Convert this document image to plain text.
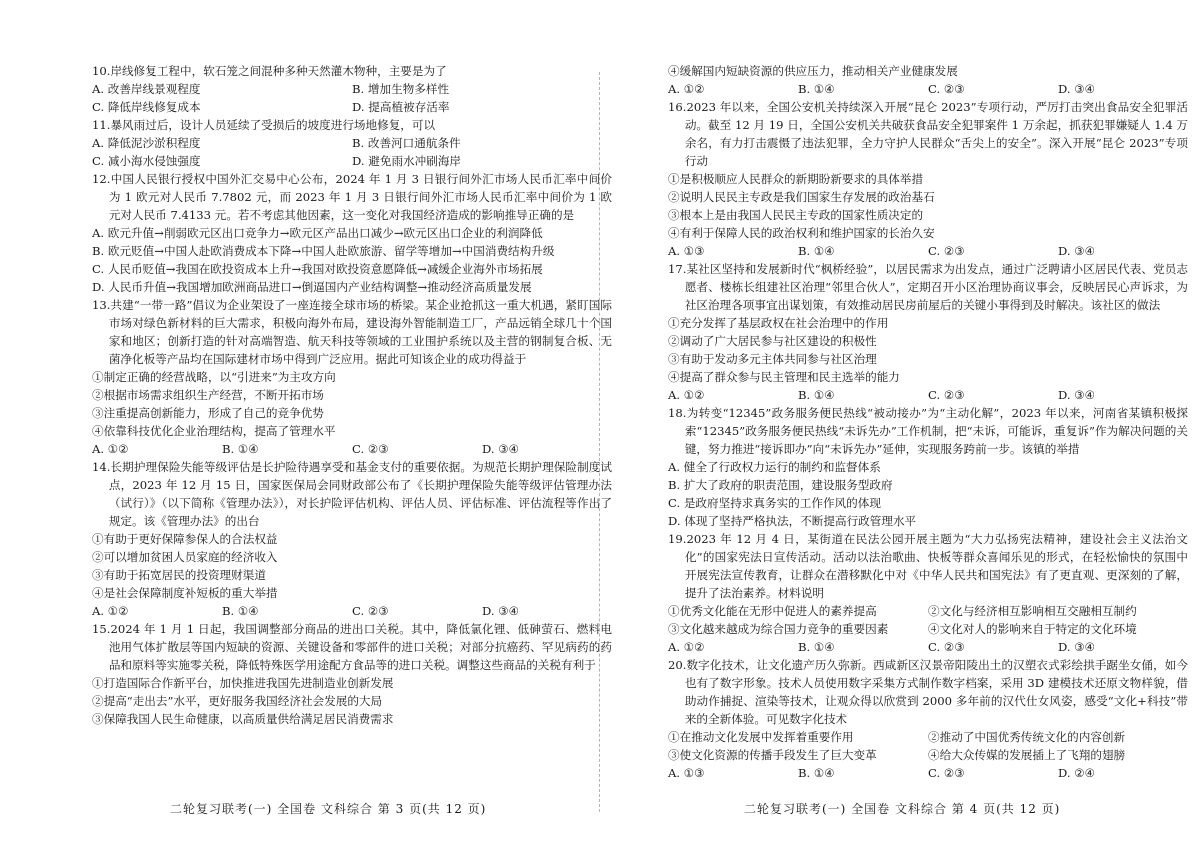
10.岸线修复工程中，软石笼之间混种多种天然灌木物种，主要是为了
A. 改善岸线景观程度	B. 增加生物多样性
C. 降低岸线修复成本	D. 提高植被存活率
11.暴风雨过后，设计人员延续了受损后的坡度进行场地修复，可以
A. 降低泥沙淤积程度	B. 改善河口通航条件
C. 减小海水侵蚀强度	D. 避免雨水冲刷海岸
12.中国人民银行授权中国外汇交易中心公布，2024 年 1 月 3 日银行间外汇市场人民币汇率中间价为 1 欧元对人民币 7.7802 元，而 2023 年 1 月 3 日银行间外汇市场人民币汇率中间价为 1 欧元对人民币 7.4133 元。若不考虑其他因素，这一变化对我国经济造成的影响推导正确的是
A. 欧元升值→削弱欧元区出口竞争力→欧元区产品出口减少→欧元区出口企业的利润降低
B. 欧元贬值→中国人赴欧消费成本下降→中国人赴欧旅游、留学等增加→中国消费结构升级
C. 人民币贬值→我国在欧投资成本上升→我国对欧投资意愿降低→减缓企业海外市场拓展
D. 人民币升值→我国增加欧洲商品进口→倒逼国内产业结构调整→推动经济高质量发展
13.共建“一带一路”倡议为企业架设了一座连接全球市场的桥梁。某企业抢抓这一重大机遇，紧盯国际市场对绿色新材料的巨大需求，积极向海外布局，建设海外智能制造工厂，产品远销全球几十个国家和地区；创新打造的针对高端智造、航天科技等领域的工业围护系统以及主营的钢制复合板、无菌净化板等产品均在国际建材市场中得到广泛应用。据此可知该企业的成功得益于
①制定正确的经营战略，以“引进来”为主攻方向
②根据市场需求组织生产经营，不断开拓市场
③注重提高创新能力，形成了自己的竞争优势
④依靠科技优化企业治理结构，提高了管理水平
A. ①②	B. ①④	C. ②③	D. ③④
14.长期护理保险失能等级评估是长护险待遇享受和基金支付的重要依据。为规范长期护理保险制度试点，2023 年 12 月 15 日，国家医保局会同财政部公布了《长期护理保险失能等级评估管理办法（试行）》（以下简称《管理办法》），对长护险评估机构、评估人员、评估标准、评估流程等作出了规定。该《管理办法》的出台
①有助于更好保障参保人的合法权益
②可以增加贫困人员家庭的经济收入
③有助于拓宽居民的投资理财渠道
④是社会保障制度补短板的重大举措
A. ①②	B. ①④	C. ②③	D. ③④
15.2024 年 1 月 1 日起，我国调整部分商品的进出口关税。其中，降低氯化锂、低砷萤石、燃料电池用气体扩散层等国内短缺的资源、关键设备和零部件的进口关税；对部分抗癌药、罕见病药的药品和原料等实施零关税，降低特殊医学用途配方食品等的进口关税。调整这些商品的关税有利于
①打造国际合作新平台，加快推进我国先进制造业创新发展
②提高“走出去”水平，更好服务我国经济社会发展的大局
③保障我国人民生命健康，以高质量供给满足居民消费需求
④缓解国内短缺资源的供应压力，推动相关产业健康发展
A. ①②	B. ①④	C. ②③	D. ③④
16.2023 年以来，全国公安机关持续深入开展“昆仑 2023”专项行动，严厉打击突出食品安全犯罪活动。截至 12 月 19 日，全国公安机关共破获食品安全犯罪案件 1 万余起，抓获犯罪嫌疑人 1.4 万余名，有力打击震慑了违法犯罪，全力守护人民群众“舌尖上的安全”。深入开展“昆仑 2023”专项行动
①是积极顺应人民群众的新期盼新要求的具体举措
②说明人民民主专政是我们国家生存发展的政治基石
③根本上是由我国人民民主专政的国家性质决定的
④有利于保障人民的政治权利和维护国家的长治久安
A. ①③	B. ①④	C. ②③	D. ③④
17.某社区坚持和发展新时代“枫桥经验”，以居民需求为出发点，通过广泛聘请小区居民代表、党员志愿者、楼栋长组建社区治理“邻里合伙人”，定期召开小区治理协商议事会，反映居民心声诉求，为社区治理各项事宜出谋划策，有效推动居民房前屋后的关键小事得到及时解决。该社区的做法
①充分发挥了基层政权在社会治理中的作用
②调动了广大居民参与社区建设的积极性
③有助于发动多元主体共同参与社区治理
④提高了群众参与民主管理和民主选举的能力
A. ①②	B. ①④	C. ②③	D. ③④
18.为转变“12345”政务服务便民热线“被动接办”为“主动化解”，2023 年以来，河南省某镇积极探索“12345”政务服务便民热线“未诉先办”工作机制，把“未诉，可能诉，重复诉”作为解决问题的关键，努力推进“接诉即办”向“未诉先办”延伸，实现服务跨前一步。该镇的举措
A. 健全了行政权力运行的制约和监督体系
B. 扩大了政府的职责范围，建设服务型政府
C. 是政府坚持求真务实的工作作风的体现
D. 体现了坚持严格执法，不断提高行政管理水平
19.2023 年 12 月 4 日，某街道在民法公园开展主题为“大力弘扬宪法精神，建设社会主义法治文化”的国家宪法日宣传活动。活动以法治歌曲、快板等群众喜闻乐见的形式，在轻松愉快的氛围中开展宪法宣传教育，让群众在潜移默化中对《中华人民共和国宪法》有了更直观、更深刻的了解，提升了法治素养。材料说明
①优秀文化能在无形中促进人的素养提高	②文化与经济相互影响相互交融相互制约
③文化越来越成为综合国力竞争的重要因素	④文化对人的影响来自于特定的文化环境
A. ①②	B. ①④	C. ②③	D. ③④
20.数字化技术，让文化遗产历久弥新。西咸新区汉景帝阳陵出土的汉塑衣式彩绘拱手踞坐女俑，如今也有了数字形象。技术人员使用数字采集方式制作数字档案，采用 3D 建模技术还原文物样貌，借助动作捕捉、渲染等技术，让观众得以欣赏到 2000 多年前的汉代仕女风姿，感受“文化+科技”带来的全新体验。可见数字化技术
①在推动文化发展中发挥着重要作用	②推动了中国优秀传统文化的内容创新
③使文化资源的传播手段发生了巨大变革	④给大众传媒的发展插上了飞翔的翅膀
A. ①③	B. ①④	C. ②③	D. ②④
二轮复习联考(一) 全国卷 文科综合 第 3 页(共 12 页)	二轮复习联考(一) 全国卷 文科综合 第 4 页(共 12 页)
